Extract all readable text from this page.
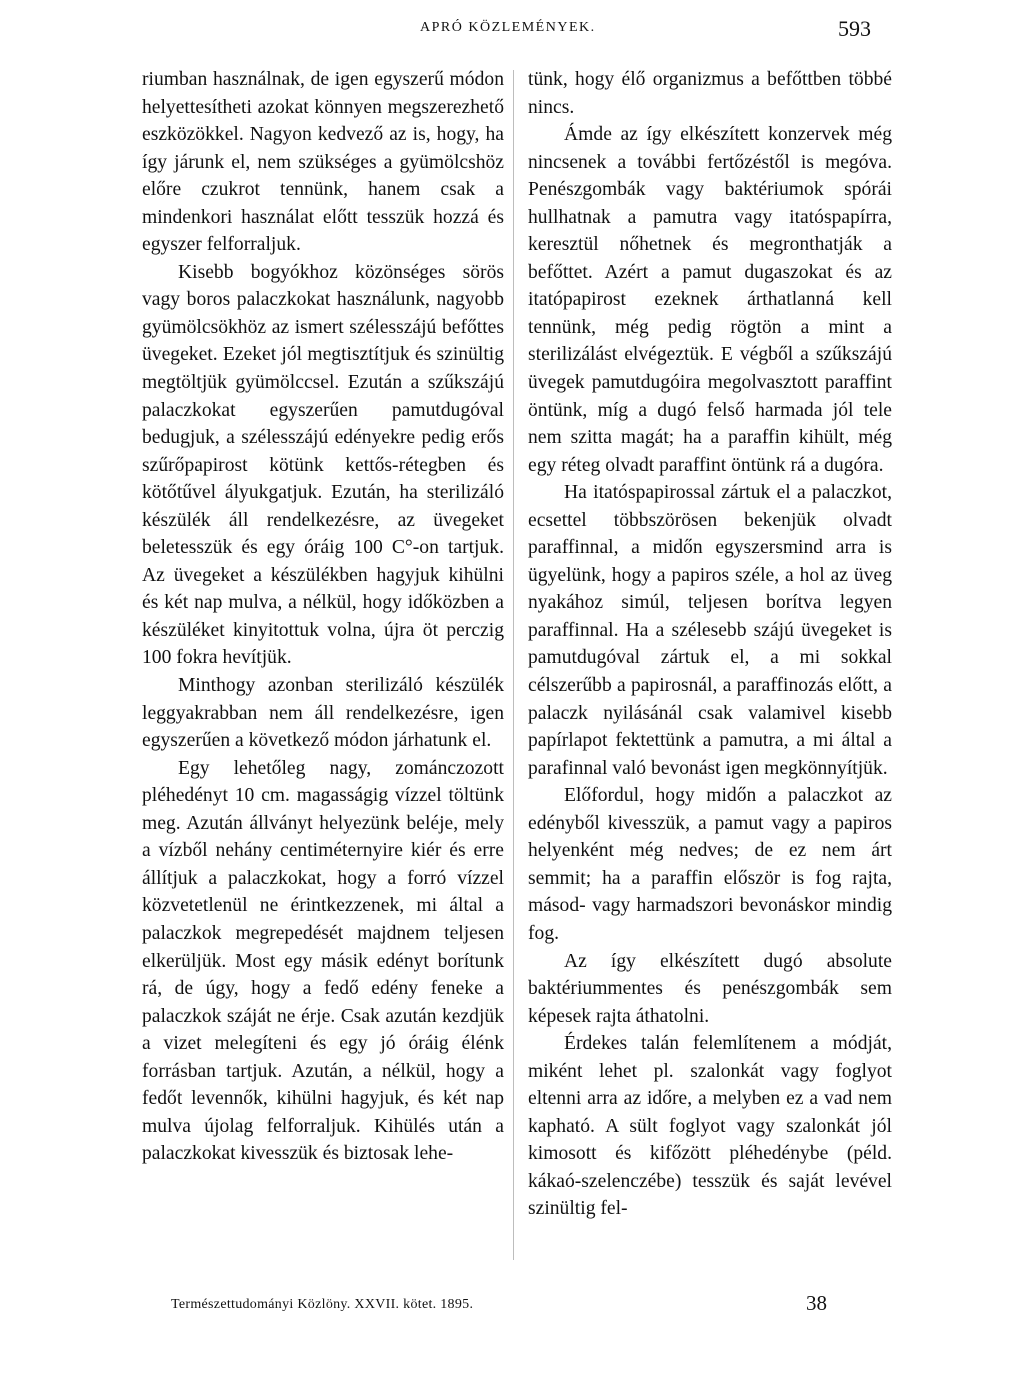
APRÓ KÖZLEMÉNYEK.	593

riumban használnak, de igen egyszerű módon helyettesítheti azokat könnyen megszerezhető eszközökkel. Nagyon kedvező az is, hogy, ha így járunk el, nem szükséges a gyümölcshöz előre czukrot tennünk, hanem csak a mindenkori használat előtt tesszük hozzá és egyszer felforraljuk.

Kisebb bogyókhoz közönséges sörös vagy boros palaczkokat használunk, nagyobb gyümölcsökhöz az ismert szélesszájú befőttes üvegeket. Ezeket jól megtisztítjuk és szinültig megtöltjük gyümölccsel. Ezután a szűkszájú palaczkokat egyszerűen pamutdugóval bedugjuk, a szélesszájú edényekre pedig erős szűrőpapirost kötünk kettős-rétegben és kötőtűvel ályukgatjuk. Ezután, ha sterilizáló készülék áll rendelkezésre, az üvegeket beletesszük és egy óráig 100 C°-on tartjuk. Az üvegeket a készülékben hagyjuk kihülni és két nap mulva, a nélkül, hogy időközben a készüléket kinyitottuk volna, újra öt perczig 100 fokra hevítjük.

Minthogy azonban sterilizáló készülék leggyakrabban nem áll rendelkezésre, igen egyszerűen a következő módon járhatunk el.

Egy lehetőleg nagy, zománczozott pléhedényt 10 cm. magasságig vízzel töltünk meg. Azután állványt helyezünk beléje, mely a vízből nehány centiméternyire kiér és erre állítjuk a palaczkokat, hogy a forró vízzel közvetetlenül ne érintkezzenek, mi által a palaczkok megrepedését majdnem teljesen elkerüljük. Most egy másik edényt borítunk rá, de úgy, hogy a fedő edény feneke a palaczkok száját ne érje. Csak azután kezdjük a vizet melegíteni és egy jó óráig élénk forrásban tartjuk. Azután, a nélkül, hogy a fedőt levennők, kihülni hagyjuk, és két nap mulva újolag felforraljuk. Kihülés után a palaczkokat kivesszük és biztosak lehe-

tünk, hogy élő organizmus a befőttben többé nincs.

Ámde az így elkészített konzervek még nincsenek a további fertőzéstől is megóva. Penészgombák vagy baktériumok spórái hullhatnak a pamutra vagy itatóspapírra, keresztül nőhetnek és megronthatják a befőttet. Azért a pamut dugaszokat és az itatópapirost ezeknek árthatlanná kell tennünk, még pedig rögtön a mint a sterilizálást elvégeztük. E végből a szűkszájú üvegek pamutdugóira megolvasztott paraffint öntünk, míg a dugó felső harmada jól tele nem szitta magát; ha a paraffin kihült, még egy réteg olvadt paraffint öntünk rá a dugóra.

Ha itatóspapirossal zártuk el a palaczkot, ecsettel többszörösen bekenjük olvadt paraffinnal, a midőn egyszersmind arra is ügyelünk, hogy a papiros széle, a hol az üveg nyakához simúl, teljesen borítva legyen paraffinnal. Ha a szélesebb szájú üvegeket is pamutdugóval zártuk el, a mi sokkal célszerűbb a papirosnál, a paraffinozás előtt, a palaczk nyilásánál csak valamivel kisebb papírlapot fektettünk a pamutra, a mi által a parafinnal való bevonást igen megkönnyítjük.

Előfordul, hogy midőn a palaczkot az edényből kivesszük, a pamut vagy a papiros helyenként még nedves; de ez nem árt semmit; ha a paraffin először is fog rajta, másod- vagy harmadszori bevonáskor mindig fog.

Az így elkészített dugó absolute baktériummentes és penészgombák sem képesek rajta áthatolni.

Érdekes talán felemlítenem a módját, miként lehet pl. szalonkát vagy foglyot eltenni arra az időre, a melyben ez a vad nem kapható. A sült foglyot vagy szalonkát jól kimosott és kifőzött pléhedénybe (péld. kákaó-szelenczébe) tesszük és saját levével szinültig fel-

Természettudományi Közlöny. XXVII. kötet. 1895.	38
